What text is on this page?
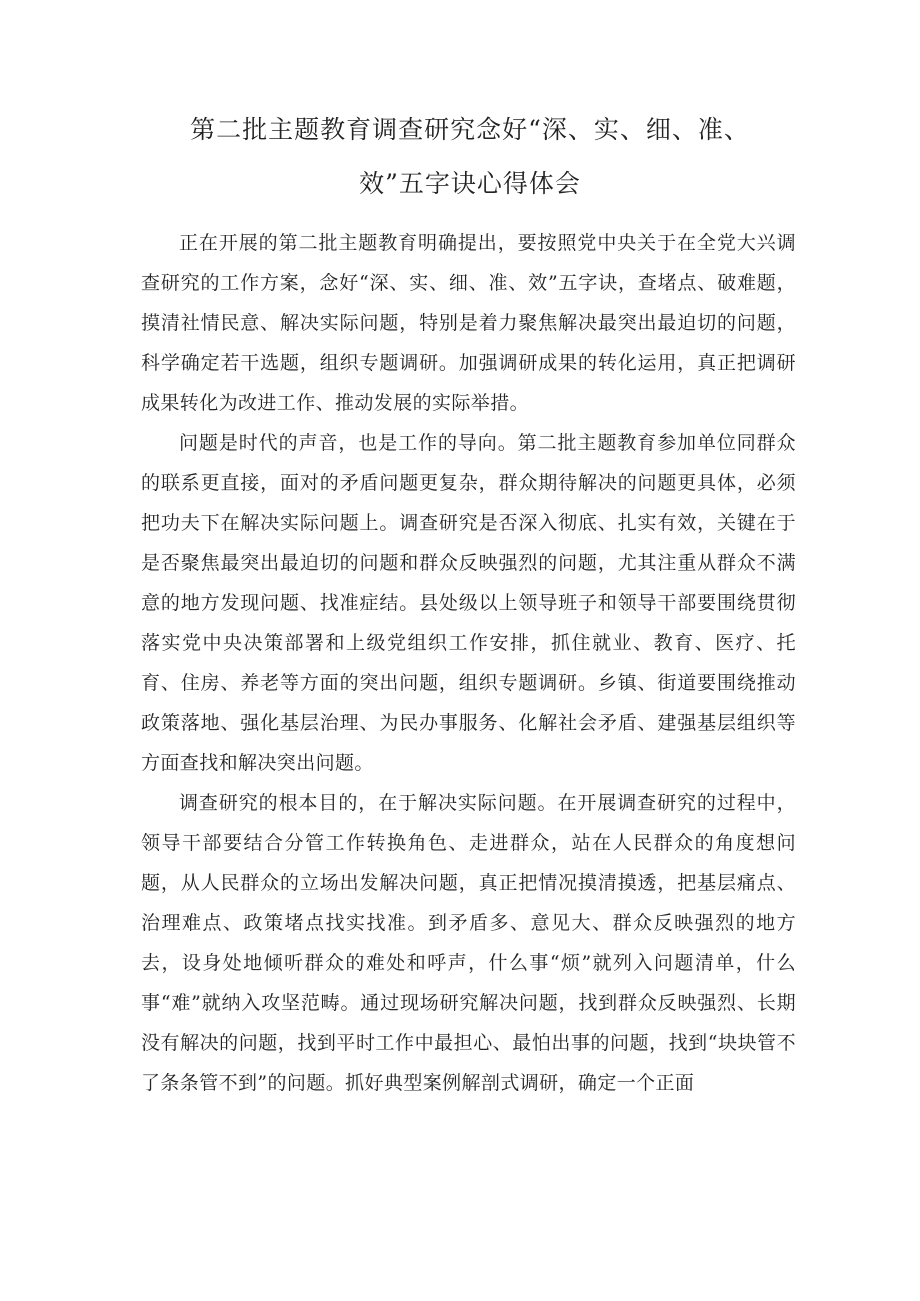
第二批主题教育调查研究念好“深、实、细、准、
效”五字诀心得体会

正在开展的第二批主题教育明确提出，要按照党中央关于在全党大兴调查研究的工作方案，念好“深、实、细、准、效”五字诀，查堵点、破难题，摸清社情民意、解决实际问题，特别是着力聚焦解决最突出最迫切的问题，科学确定若干选题，组织专题调研。加强调研成果的转化运用，真正把调研成果转化为改进工作、推动发展的实际举措。

问题是时代的声音，也是工作的导向。第二批主题教育参加单位同群众的联系更直接，面对的矛盾问题更复杂，群众期待解决的问题更具体，必须把功夫下在解决实际问题上。调查研究是否深入彻底、扎实有效，关键在于是否聚焦最突出最迫切的问题和群众反映强烈的问题，尤其注重从群众不满意的地方发现问题、找准症结。县处级以上领导班子和领导干部要围绕贯彻落实党中央决策部署和上级党组织工作安排，抓住就业、教育、医疗、托育、住房、养老等方面的突出问题，组织专题调研。乡镇、街道要围绕推动政策落地、强化基层治理、为民办事服务、化解社会矛盾、建强基层组织等方面查找和解决突出问题。

调查研究的根本目的，在于解决实际问题。在开展调查研究的过程中，领导干部要结合分管工作转换角色、走进群众，站在人民群众的角度想问题，从人民群众的立场出发解决问题，真正把情况摸清摸透，把基层痛点、治理难点、政策堵点找实找准。到矛盾多、意见大、群众反映强烈的地方去，设身处地倾听群众的难处和呼声，什么事“烦”就列入问题清单，什么事“难”就纳入攻坚范畴。通过现场研究解决问题，找到群众反映强烈、长期没有解决的问题，找到平时工作中最担心、最怕出事的问题，找到“块块管不了条条管不到”的问题。抓好典型案例解剖式调研，确定一个正面
